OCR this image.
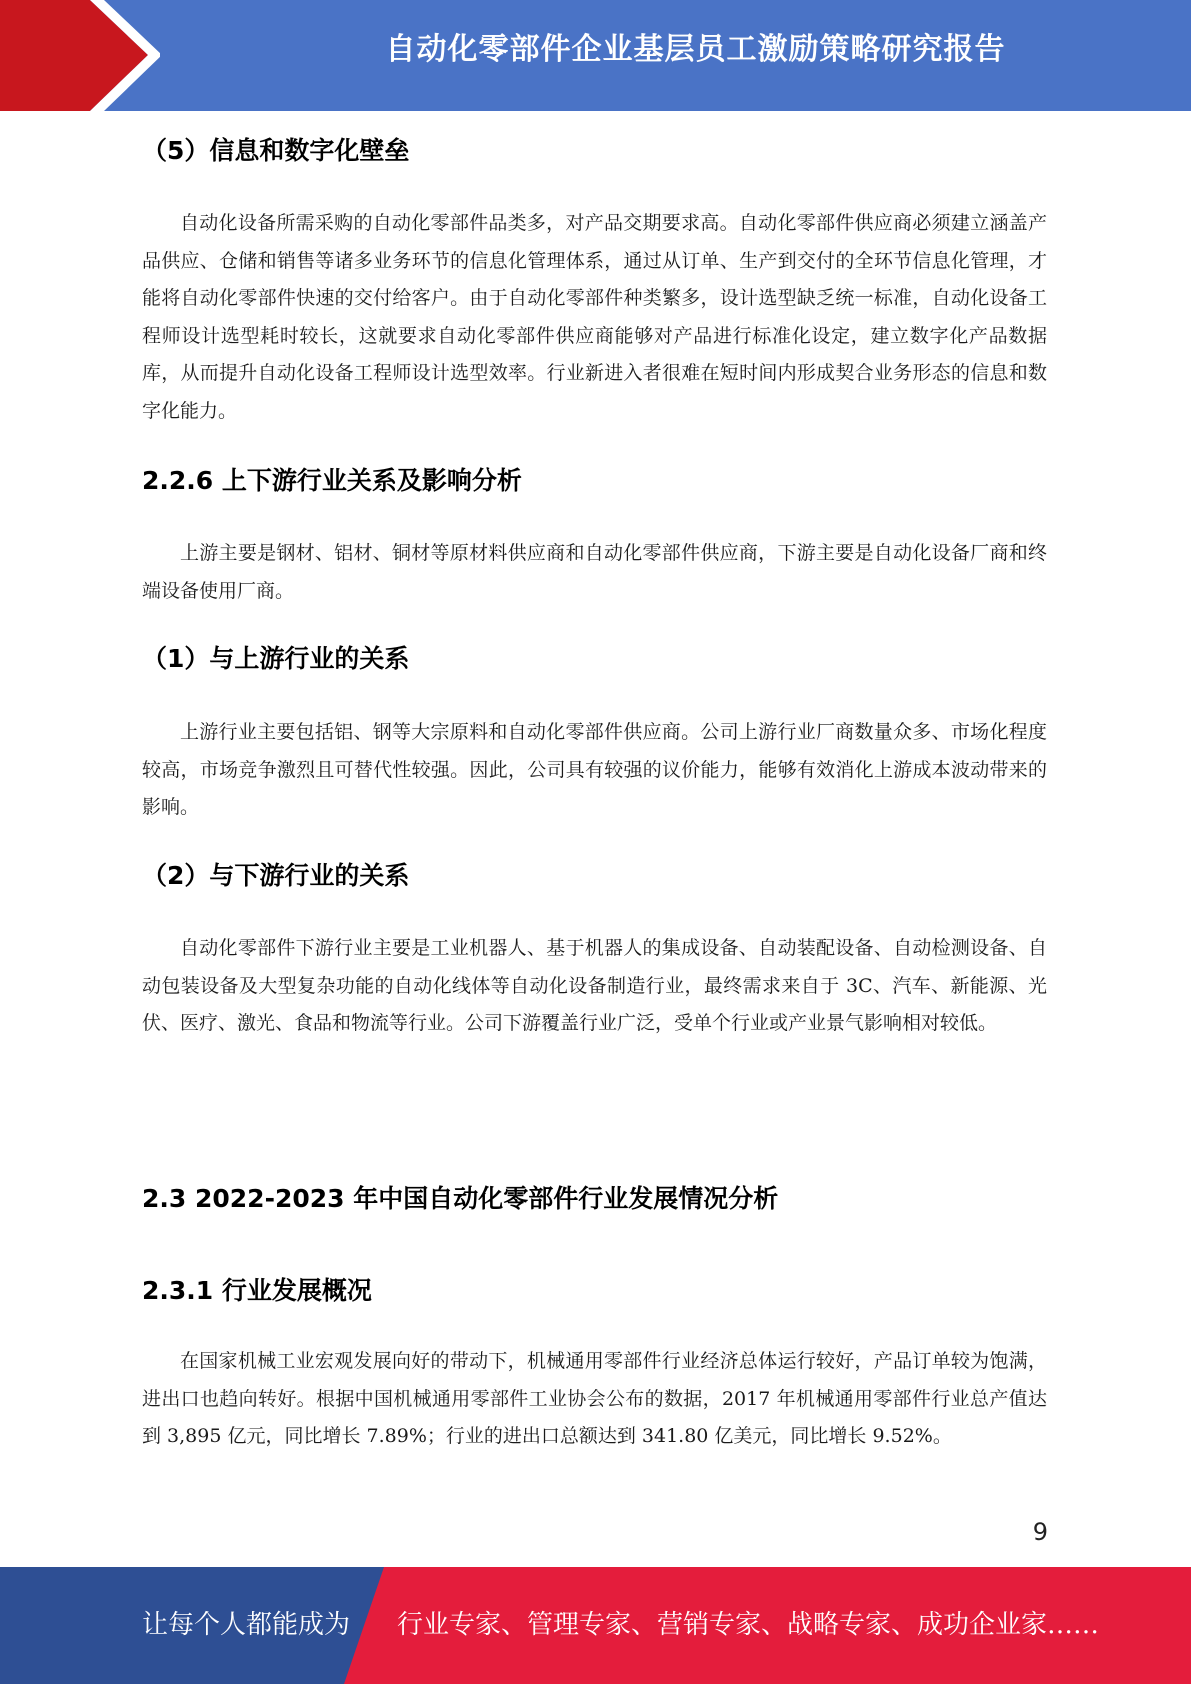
自动化零部件企业基层员工激励策略研究报告
（5）信息和数字化壁垒

自动化设备所需采购的自动化零部件品类多，对产品交期要求高。自动化零部件供应商必须建立涵盖产品供应、仓储和销售等诸多业务环节的信息化管理体系，通过从订单、生产到交付的全环节信息化管理，才能将自动化零部件快速的交付给客户。由于自动化零部件种类繁多，设计选型缺乏统一标准，自动化设备工程师设计选型耗时较长，这就要求自动化零部件供应商能够对产品进行标准化设定，建立数字化产品数据库，从而提升自动化设备工程师设计选型效率。行业新进入者很难在短时间内形成契合业务形态的信息和数字化能力。

2.2.6 上下游行业关系及影响分析

上游主要是钢材、铝材、铜材等原材料供应商和自动化零部件供应商，下游主要是自动化设备厂商和终端设备使用厂商。

（1）与上游行业的关系

上游行业主要包括铝、钢等大宗原料和自动化零部件供应商。公司上游行业厂商数量众多、市场化程度较高，市场竞争激烈且可替代性较强。因此，公司具有较强的议价能力，能够有效消化上游成本波动带来的影响。

（2）与下游行业的关系

自动化零部件下游行业主要是工业机器人、基于机器人的集成设备、自动装配设备、自动检测设备、自动包装设备及大型复杂功能的自动化线体等自动化设备制造行业，最终需求来自于 3C、汽车、新能源、光伏、医疗、激光、食品和物流等行业。公司下游覆盖行业广泛，受单个行业或产业景气影响相对较低。

2.3 2022-2023 年中国自动化零部件行业发展情况分析
2.3.1 行业发展概况

在国家机械工业宏观发展向好的带动下，机械通用零部件行业经济总体运行较好，产品订单较为饱满，进出口也趋向转好。根据中国机械通用零部件工业协会公布的数据，2017 年机械通用零部件行业总产值达到 3,895 亿元，同比增长 7.89%；行业的进出口总额达到 341.80 亿美元，同比增长 9.52%。

9
让每个人都能成为 行业专家、管理专家、营销专家、战略专家、成功企业家……
